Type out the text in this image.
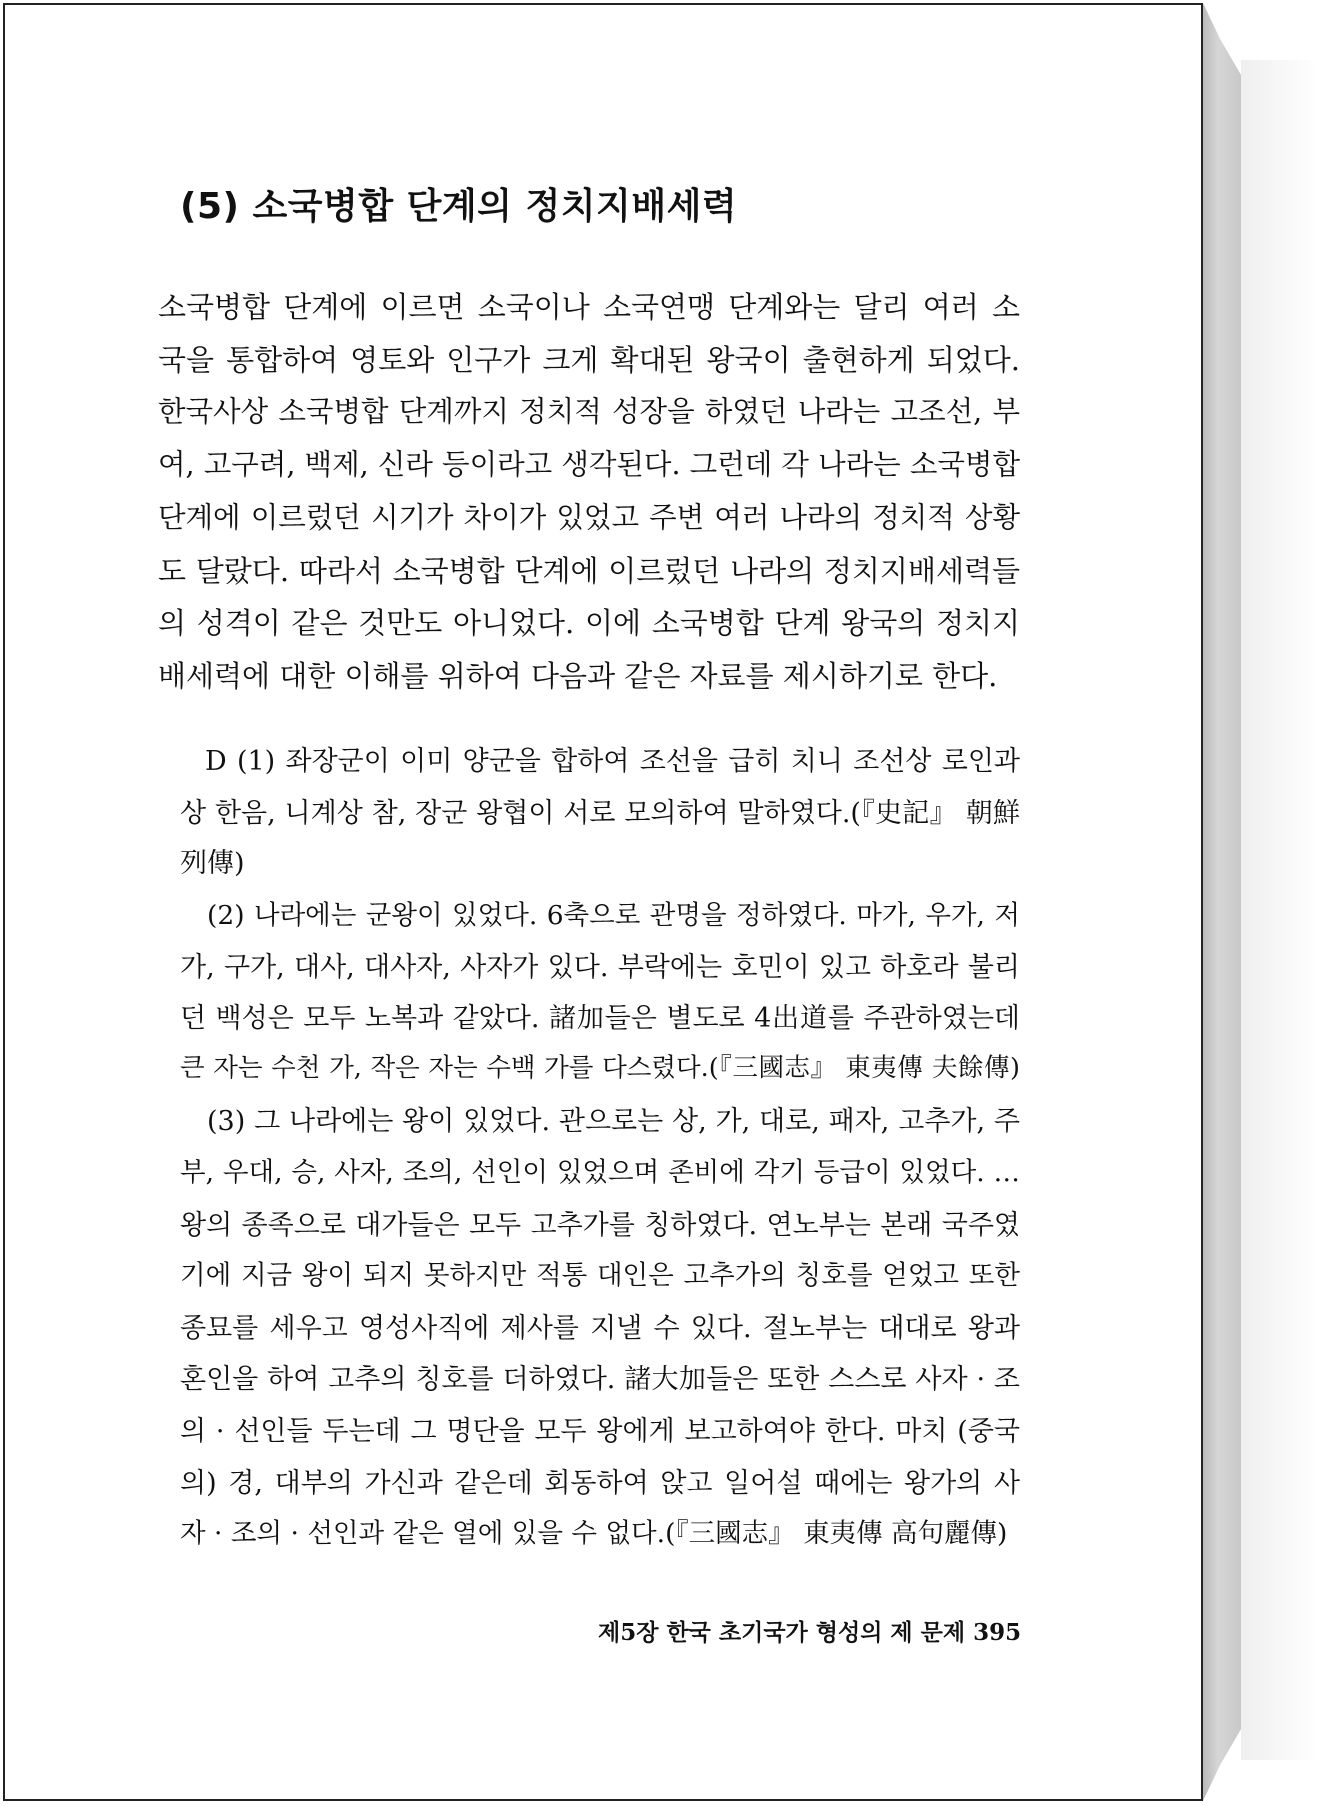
(5) 소국병합 단계의 정치지배세력
소국병합 단계에 이르면 소국이나 소국연맹 단계와는 달리 여러 소
국을 통합하여 영토와 인구가 크게 확대된 왕국이 출현하게 되었다.
한국사상 소국병합 단계까지 정치적 성장을 하였던 나라는 고조선, 부
여, 고구려, 백제, 신라 등이라고 생각된다. 그런데 각 나라는 소국병합
단계에 이르렀던 시기가 차이가 있었고 주변 여러 나라의 정치적 상황
도 달랐다. 따라서 소국병합 단계에 이르렀던 나라의 정치지배세력들
의 성격이 같은 것만도 아니었다. 이에 소국병합 단계 왕국의 정치지
배세력에 대한 이해를 위하여 다음과 같은 자료를 제시하기로 한다.
D (1) 좌장군이 이미 양군을 합하여 조선을 급히 치니 조선상 로인과
상 한음, 니계상 참, 장군 왕협이 서로 모의하여 말하였다.(『史記』 朝鮮
列傳)
(2) 나라에는 군왕이 있었다. 6축으로 관명을 정하였다. 마가, 우가, 저
가, 구가, 대사, 대사자, 사자가 있다. 부락에는 호민이 있고 하호라 불리
던 백성은 모두 노복과 같았다. 諸加들은 별도로 4出道를 주관하였는데
큰 자는 수천 가, 작은 자는 수백 가를 다스렸다.(『三國志』 東夷傳 夫餘傳)
(3) 그 나라에는 왕이 있었다. 관으로는 상, 가, 대로, 패자, 고추가, 주
부, 우대, 승, 사자, 조의, 선인이 있었으며 존비에 각기 등급이 있었다. …
왕의 종족으로 대가들은 모두 고추가를 칭하였다. 연노부는 본래 국주였
기에 지금 왕이 되지 못하지만 적통 대인은 고추가의 칭호를 얻었고 또한
종묘를 세우고 영성사직에 제사를 지낼 수 있다. 절노부는 대대로 왕과
혼인을 하여 고추의 칭호를 더하였다. 諸大加들은 또한 스스로 사자 · 조
의 · 선인들 두는데 그 명단을 모두 왕에게 보고하여야 한다. 마치 (중국
의) 경, 대부의 가신과 같은데 회동하여 앉고 일어설 때에는 왕가의 사
자 · 조의 · 선인과 같은 열에 있을 수 없다.(『三國志』 東夷傳 高句麗傳)
제5장 한국 초기국가 형성의 제 문제 395
